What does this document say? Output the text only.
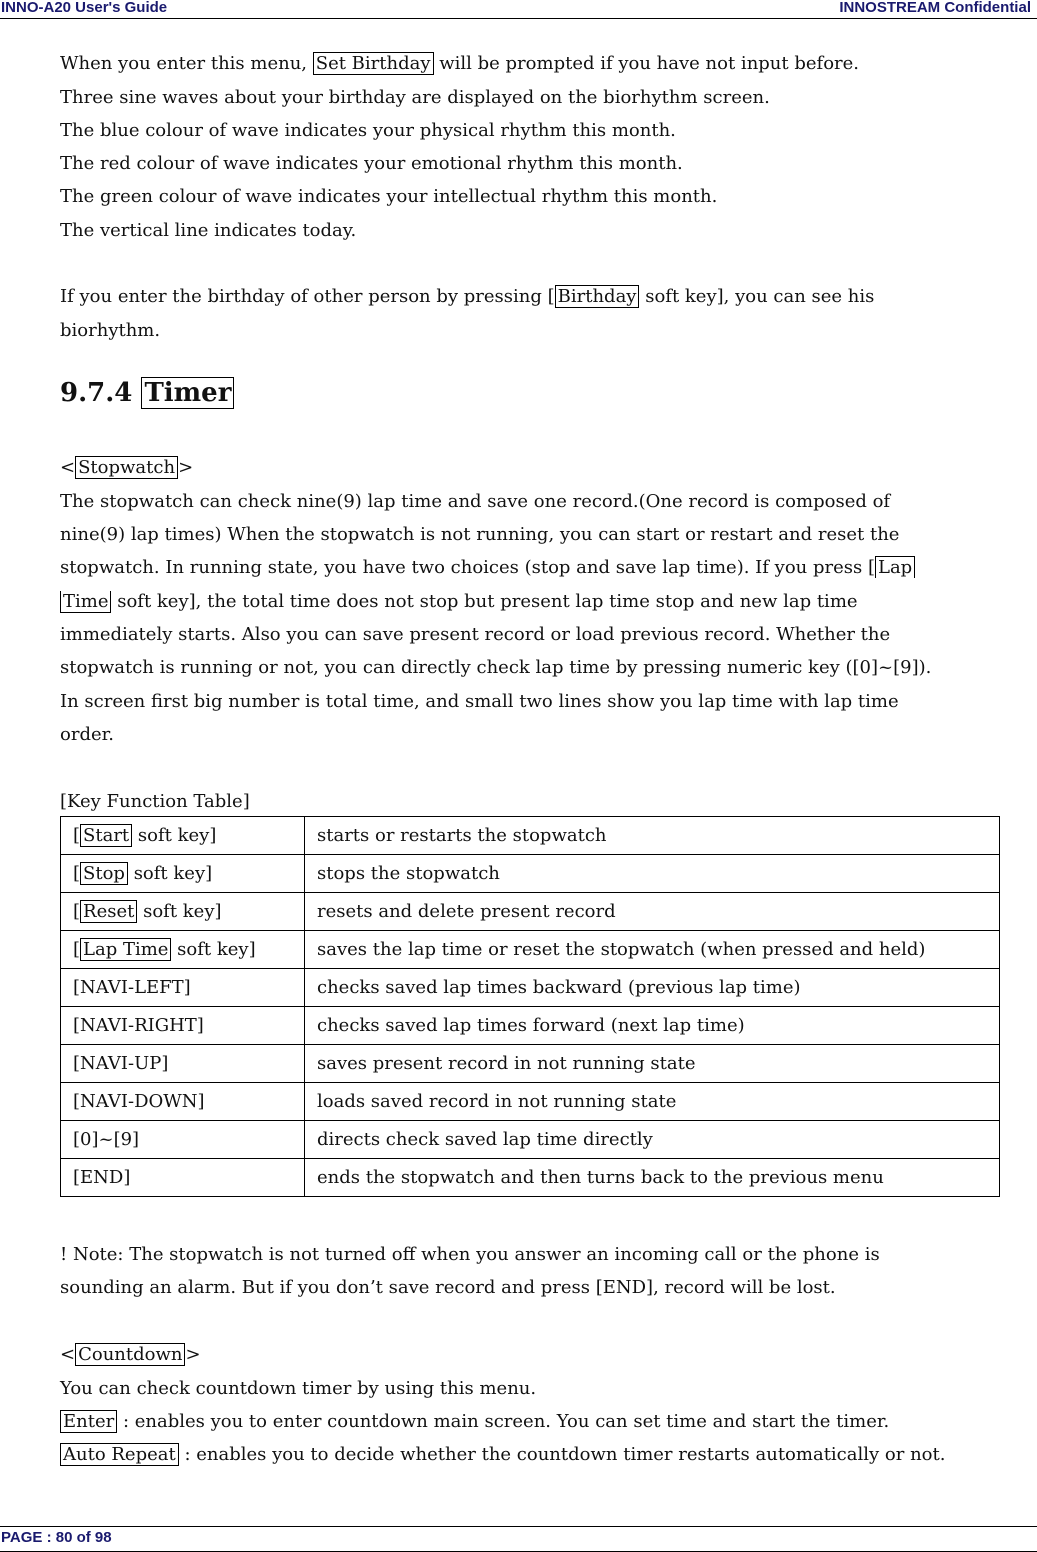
INNO-A20 User's Guide	INNOSTREAM Confidential
When you enter this menu, Set Birthday will be prompted if you have not input before.
Three sine waves about your birthday are displayed on the biorhythm screen.
The blue colour of wave indicates your physical rhythm this month.
The red colour of wave indicates your emotional rhythm this month.
The green colour of wave indicates your intellectual rhythm this month.
The vertical line indicates today.
If you enter the birthday of other person by pressing [ Birthday soft key], you can see his
biorhythm.
9.7.4 Timer
< Stopwatch >
The stopwatch can check nine(9) lap time and save one record.(One record is composed of
nine(9) lap times) When the stopwatch is not running, you can start or restart and reset the
stopwatch. In running state, you have two choices (stop and save lap time). If you press [ Lap
Time soft key], the total time does not stop but present lap time stop and new lap time
immediately starts. Also you can save present record or load previous record. Whether the
stopwatch is running or not, you can directly check lap time by pressing numeric key ([0]~[9]).
In screen first big number is total time, and small two lines show you lap time with lap time
order.
[Key Function Table]
[ Start soft key]	starts or restarts the stopwatch
[ Stop soft key]	stops the stopwatch
[ Reset soft key]	resets and delete present record
[ Lap Time soft key]	saves the lap time or reset the stopwatch (when pressed and held)
[NAVI-LEFT]	checks saved lap times backward (previous lap time)
[NAVI-RIGHT]	checks saved lap times forward (next lap time)
[NAVI-UP]	saves present record in not running state
[NAVI-DOWN]	loads saved record in not running state
[0]~[9]	directs check saved lap time directly
[END]	ends the stopwatch and then turns back to the previous menu
! Note: The stopwatch is not turned off when you answer an incoming call or the phone is
sounding an alarm. But if you don’t save record and press [END], record will be lost.
< Countdown >
You can check countdown timer by using this menu.
Enter : enables you to enter countdown main screen. You can set time and start the timer.
Auto Repeat : enables you to decide whether the countdown timer restarts automatically or not.
PAGE : 80 of 98
